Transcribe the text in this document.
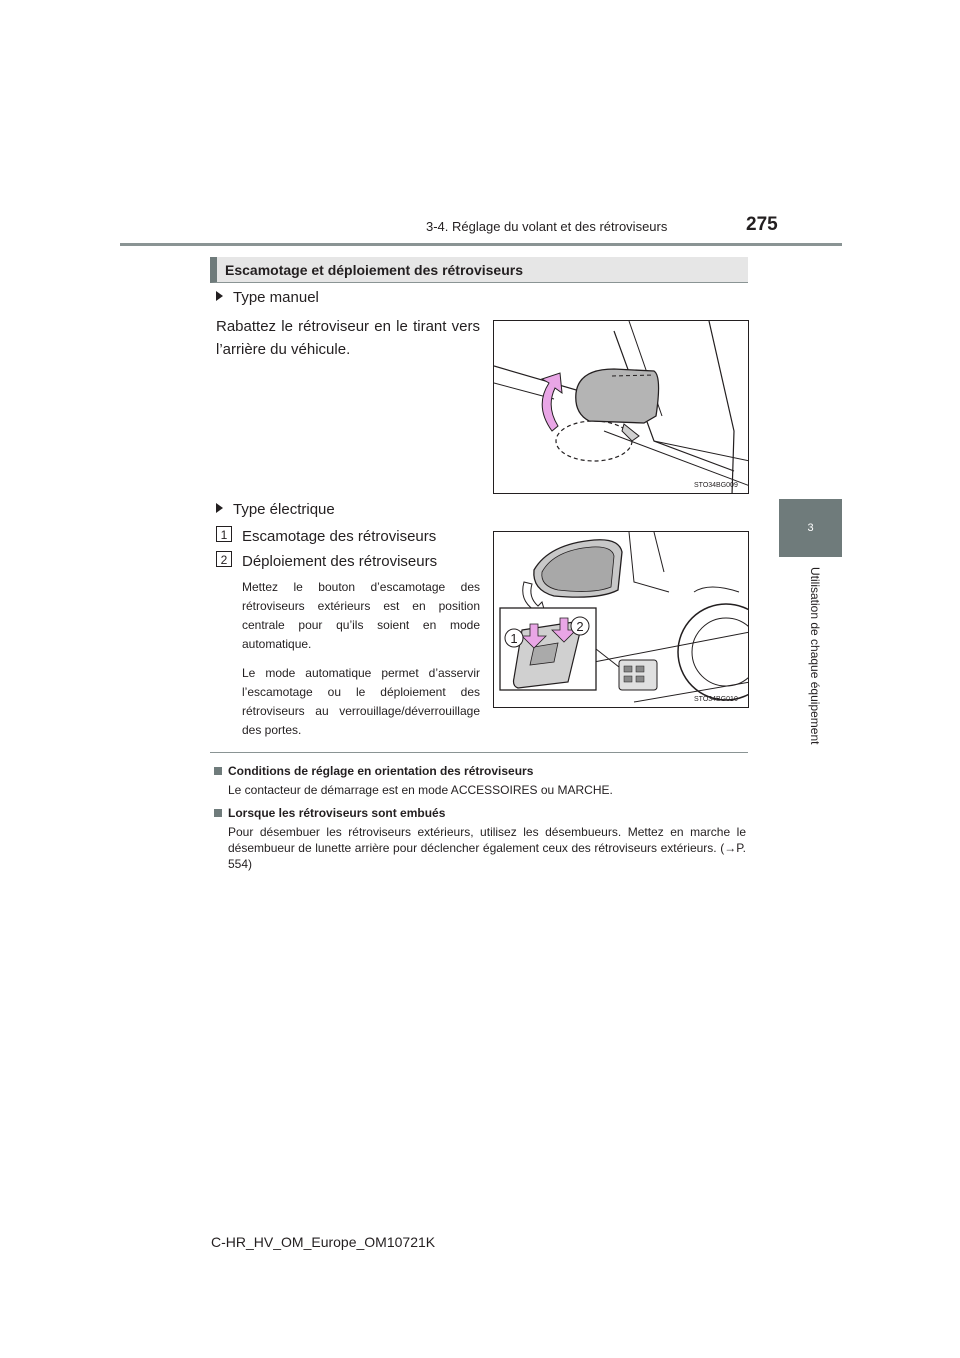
3-4. Réglage du volant et des rétroviseurs	275
3
Utilisation de chaque équipement
Escamotage et déploiement des rétroviseurs
Type manuel
Rabattez le rétroviseur en le tirant vers l’arrière du véhicule.
STO34BG009
Type électrique
1 Escamotage des rétroviseurs
2 Déploiement des rétroviseurs
Mettez le bouton d’escamotage des rétroviseurs extérieurs est en position centrale pour qu’ils soient en mode automatique.
Le mode automatique permet d’asservir l’escamotage ou le déploiement des rétroviseurs au verrouillage/déverrouillage des portes.
1
2
STO34BG010
Conditions de réglage en orientation des rétroviseurs
Le contacteur de démarrage est en mode ACCESSOIRES ou MARCHE.
Lorsque les rétroviseurs sont embués
Pour désembuer les rétroviseurs extérieurs, utilisez les désembueurs. Mettez en marche le désembueur de lunette arrière pour déclencher également ceux des rétroviseurs extérieurs. (→P. 554)
C-HR_HV_OM_Europe_OM10721K
